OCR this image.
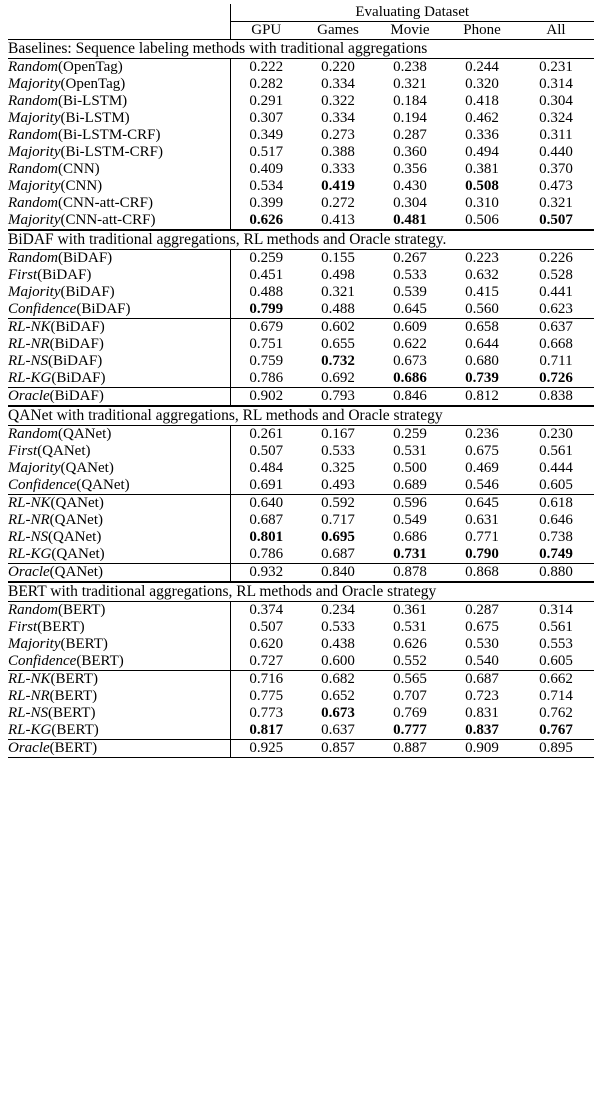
	Evaluating Dataset				
	GPU	Games	Movie	Phone	All

Baselines: Sequence labeling methods with traditional aggregations					

Random(OpenTag)	0.222	0.220	0.238	0.244	0.231
Majority(OpenTag)	0.282	0.334	0.321	0.320	0.314
Random(Bi-LSTM)	0.291	0.322	0.184	0.418	0.304
Majority(Bi-LSTM)	0.307	0.334	0.194	0.462	0.324
Random(Bi-LSTM-CRF)	0.349	0.273	0.287	0.336	0.311
Majority(Bi-LSTM-CRF)	0.517	0.388	0.360	0.494	0.440
Random(CNN)	0.409	0.333	0.356	0.381	0.370
Majority(CNN)	0.534	0.419	0.430	0.508	0.473
Random(CNN-att-CRF)	0.399	0.272	0.304	0.310	0.321
Majority(CNN-att-CRF)	0.626	0.413	0.481	0.506	0.507

BiDAF with traditional aggregations, RL methods and Oracle strategy.					

Random(BiDAF)	0.259	0.155	0.267	0.223	0.226
First(BiDAF)	0.451	0.498	0.533	0.632	0.528
Majority(BiDAF)	0.488	0.321	0.539	0.415	0.441
Confidence(BiDAF)	0.799	0.488	0.645	0.560	0.623
RL-NK(BiDAF)	0.679	0.602	0.609	0.658	0.637
RL-NR(BiDAF)	0.751	0.655	0.622	0.644	0.668
RL-NS(BiDAF)	0.759	0.732	0.673	0.680	0.711
RL-KG(BiDAF)	0.786	0.692	0.686	0.739	0.726
Oracle(BiDAF)	0.902	0.793	0.846	0.812	0.838

QANet with traditional aggregations, RL methods and Oracle strategy					

Random(QANet)	0.261	0.167	0.259	0.236	0.230
First(QANet)	0.507	0.533	0.531	0.675	0.561
Majority(QANet)	0.484	0.325	0.500	0.469	0.444
Confidence(QANet)	0.691	0.493	0.689	0.546	0.605
RL-NK(QANet)	0.640	0.592	0.596	0.645	0.618
RL-NR(QANet)	0.687	0.717	0.549	0.631	0.646
RL-NS(QANet)	0.801	0.695	0.686	0.771	0.738
RL-KG(QANet)	0.786	0.687	0.731	0.790	0.749
Oracle(QANet)	0.932	0.840	0.878	0.868	0.880

BERT with traditional aggregations, RL methods and Oracle strategy					

Random(BERT)	0.374	0.234	0.361	0.287	0.314
First(BERT)	0.507	0.533	0.531	0.675	0.561
Majority(BERT)	0.620	0.438	0.626	0.530	0.553
Confidence(BERT)	0.727	0.600	0.552	0.540	0.605
RL-NK(BERT)	0.716	0.682	0.565	0.687	0.662
RL-NR(BERT)	0.775	0.652	0.707	0.723	0.714
RL-NS(BERT)	0.773	0.673	0.769	0.831	0.762
RL-KG(BERT)	0.817	0.637	0.777	0.837	0.767
Oracle(BERT)	0.925	0.857	0.887	0.909	0.895
